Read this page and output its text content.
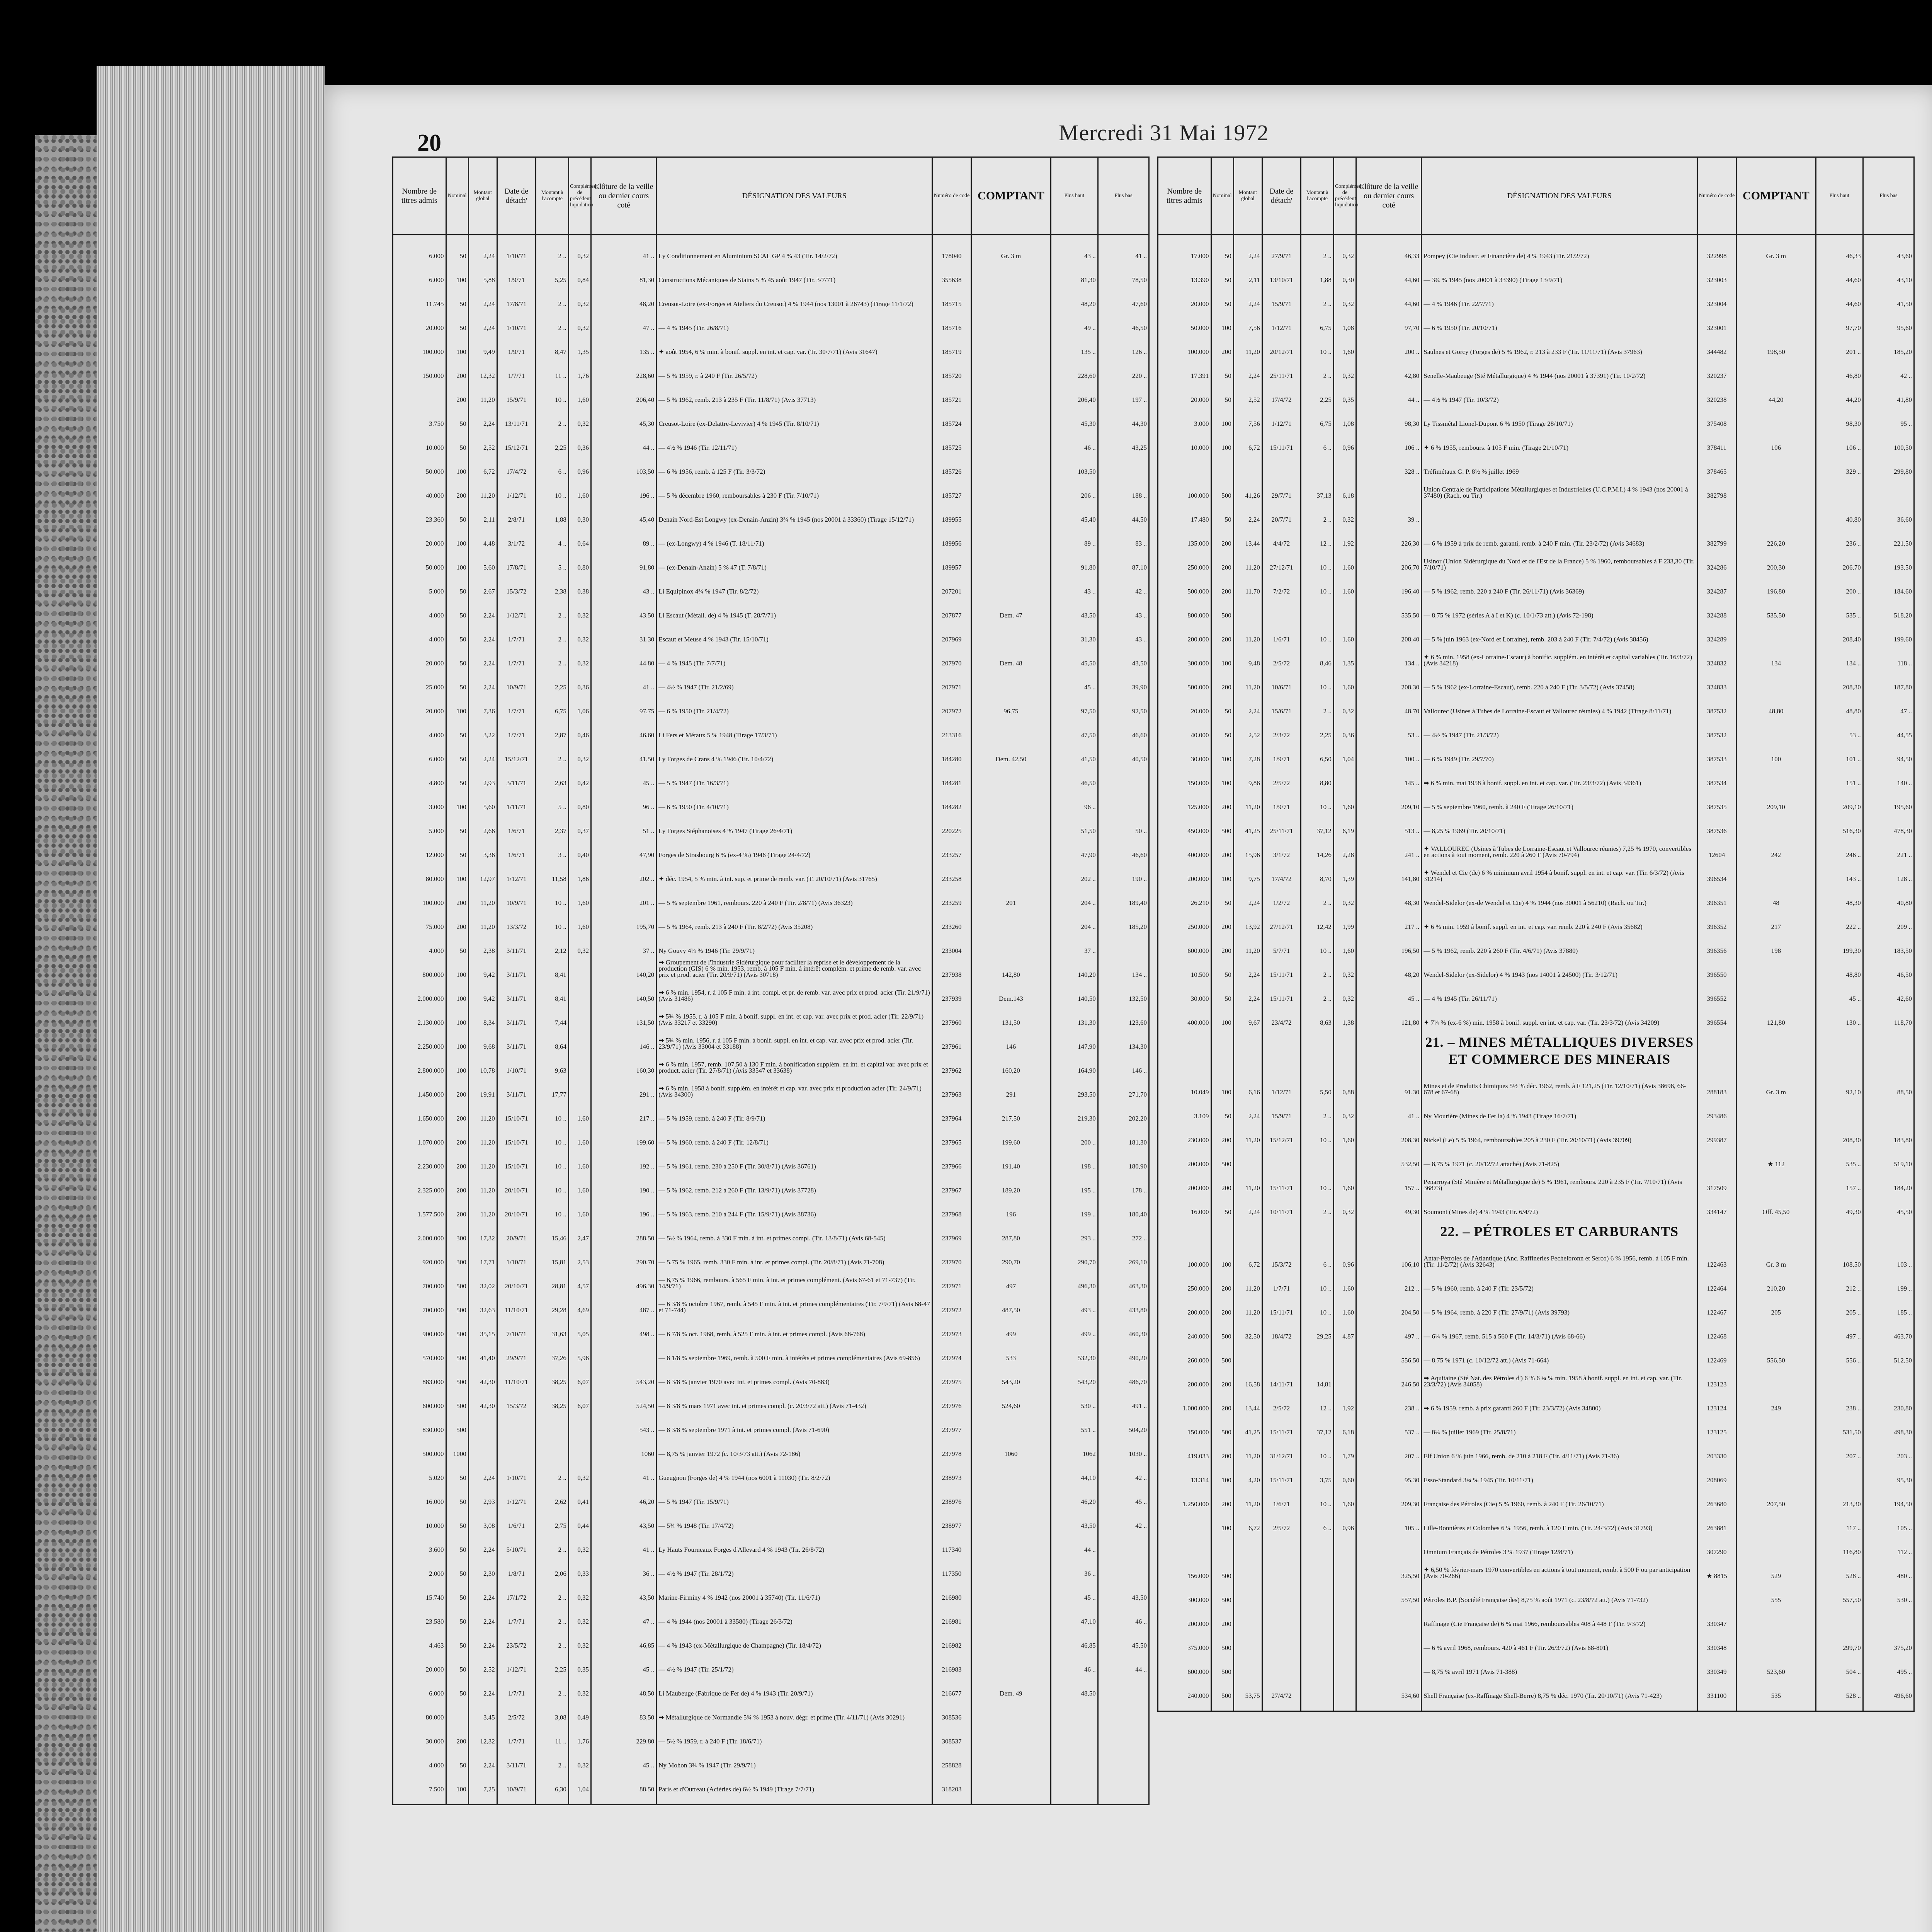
20	Mercredi 31 Mai 1972
Nombre de titres admis	Nominal	Montant global	Date de détach'	Montant à l'acompte	Complément de précédent liquidation	Clôture de la veille ou dernier cours coté	DÉSIGNATION DES VALEURS	Numéro de code	COMPTANT	Plus haut	Plus bas
6.000	50	2,24	1/10/71	2 ..	0,32	41 ..	Ly Conditionnement en Aluminium SCAL GP 4 % 43 (Tir. 14/2/72)	178040	Gr. 3 m	43 ..	41 ..
6.000	100	5,88	1/9/71	5,25	0,84	81,30	Constructions Mécaniques de Stains 5 % 45 août 1947 (Tir. 3/7/71)	355638		81,30	78,50
11.745	50	2,24	17/8/71	2 ..	0,32	48,20	Creusot-Loire (ex-Forges et Ateliers du Creusot) 4 % 1944 (nos 13001 à 26743) (Tirage 11/1/72)	185715		48,20	47,60
20.000	50	2,24	1/10/71	2 ..	0,32	47 ..	— 4 % 1945 (Tir. 26/8/71)	185716		49 ..	46,50
100.000	100	9,49	1/9/71	8,47	1,35	135 ..	✦ août 1954, 6 % min. à bonif. suppl. en int. et cap. var. (Tr. 30/7/71) (Avis 31647)	185719		135 ..	126 ..
150.000	200	12,32	1/7/71	11 ..	1,76	228,60	— 5 % 1959, r. à 240 F (Tir. 26/5/72)	185720		228,60	220 ..
	200	11,20	15/9/71	10 ..	1,60	206,40	— 5 % 1962, remb. 213 à 235 F (Tir. 11/8/71) (Avis 37713)	185721		206,40	197 ..
3.750	50	2,24	13/11/71	2 ..	0,32	45,30	Creusot-Loire (ex-Delattre-Levivier) 4 % 1945 (Tir. 8/10/71)	185724		45,30	44,30
10.000	50	2,52	15/12/71	2,25	0,36	44 ..	— 4½ % 1946 (Tir. 12/11/71)	185725		46 ..	43,25
50.000	100	6,72	17/4/72	6 ..	0,96	103,50	— 6 % 1956, remb. à 125 F (Tir. 3/3/72)	185726		103,50	
40.000	200	11,20	1/12/71	10 ..	1,60	196 ..	— 5 % décembre 1960, remboursables à 230 F (Tir. 7/10/71)	185727		206 ..	188 ..
23.360	50	2,11	2/8/71	1,88	0,30	45,40	Denain Nord-Est Longwy (ex-Denain-Anzin) 3¾ % 1945 (nos 20001 à 33360) (Tirage 15/12/71)	189955		45,40	44,50
20.000	100	4,48	3/1/72	4 ..	0,64	89 ..	— (ex-Longwy) 4 % 1946 (T. 18/11/71)	189956		89 ..	83 ..
50.000	100	5,60	17/8/71	5 ..	0,80	91,80	— (ex-Denain-Anzin) 5 % 47 (T. 7/8/71)	189957		91,80	87,10
5.000	50	2,67	15/3/72	2,38	0,38	43 ..	Li Equipinox 4¾ % 1947 (Tir. 8/2/72)	207201		43 ..	42 ..
4.000	50	2,24	1/12/71	2 ..	0,32	43,50	Li Escaut (Métall. de) 4 % 1945 (T. 28/7/71)	207877	Dem. 47	43,50	43 ..
4.000	50	2,24	1/7/71	2 ..	0,32	31,30	Escaut et Meuse 4 % 1943 (Tir. 15/10/71)	207969		31,30	43 ..
20.000	50	2,24	1/7/71	2 ..	0,32	44,80	— 4 % 1945 (Tir. 7/7/71)	207970	Dem. 48	45,50	43,50
25.000	50	2,24	10/9/71	2,25	0,36	41 ..	— 4½ % 1947 (Tir. 21/2/69)	207971		45 ..	39,90
20.000	100	7,36	1/7/71	6,75	1,06	97,75	— 6 % 1950 (Tir. 21/4/72)	207972	96,75	97,50	92,50
4.000	50	3,22	1/7/71	2,87	0,46	46,60	Li Fers et Métaux 5 % 1948 (Tirage 17/3/71)	213316		47,50	46,60
6.000	50	2,24	15/12/71	2 ..	0,32	41,50	Ly Forges de Crans 4 % 1946 (Tir. 10/4/72)	184280	Dem. 42,50	41,50	40,50
4.800	50	2,93	3/11/71	2,63	0,42	45 ..	— 5 % 1947 (Tir. 16/3/71)	184281		46,50	
3.000	100	5,60	1/11/71	5 ..	0,80	96 ..	— 6 % 1950 (Tir. 4/10/71)	184282		96 ..	
5.000	50	2,66	1/6/71	2,37	0,37	51 ..	Ly Forges Stéphanoises 4 % 1947 (Tirage 26/4/71)	220225		51,50	50 ..
12.000	50	3,36	1/6/71	3 ..	0,40	47,90	Forges de Strasbourg 6 % (ex-4 %) 1946 (Tirage 24/4/72)	233257		47,90	46,60
80.000	100	12,97	1/12/71	11,58	1,86	202 ..	✦ déc. 1954, 5 % min. à int. sup. et prime de remb. var. (T. 20/10/71) (Avis 31765)	233258		202 ..	190 ..
100.000	200	11,20	10/9/71	10 ..	1,60	201 ..	— 5 % septembre 1961, rembours. 220 à 240 F (Tir. 2/8/71) (Avis 36323)	233259	201	204 ..	189,40
75.000	200	11,20	13/3/72	10 ..	1,60	195,70	— 5 % 1964, remb. 213 à 240 F (Tir. 8/2/72) (Avis 35208)	233260		204 ..	185,20
4.000	50	2,38	3/11/71	2,12	0,32	37 ..	Ny Gouvy 4¼ % 1946 (Tir. 29/9/71)	233004		37 ..	
800.000	100	9,42	3/11/71	8,41		140,20	➡ Groupement de l'Industrie Sidérurgique pour faciliter la reprise et le développement de la production (GIS) 6 % min. 1953, remb. à 105 F min. à intérêt complém. et prime de remb. var. avec prix et prod. acier (Tir. 20/9/71) (Avis 30718)	237938	142,80	140,20	134 ..
2.000.000	100	9,42	3/11/71	8,41		140,50	➡ 6 % min. 1954, r. à 105 F min. à int. compl. et pr. de remb. var. avec prix et prod. acier (Tir. 21/9/71) (Avis 31486)	237939	Dem.143	140,50	132,50
2.130.000	100	8,34	3/11/71	7,44		131,50	➡ 5¾ % 1955, r. à 105 F min. à bonif. suppl. en int. et cap. var. avec prix et prod. acier (Tir. 22/9/71) (Avis 33217 et 33290)	237960	131,50	131,30	123,60
2.250.000	100	9,68	3/11/71	8,64		146 ..	➡ 5¾ % min. 1956, r. à 105 F min. à bonif. suppl. en int. et cap. var. avec prix et prod. acier (Tir. 23/9/71) (Avis 33004 et 33188)	237961	146	147,90	134,30
2.800.000	100	10,78	1/10/71	9,63		160,30	➡ 6 % min. 1957, remb. 107,50 à 130 F min. à bonification supplém. en int. et capital var. avec prix et product. acier (Tir. 27/8/71) (Avis 33547 et 33638)	237962	160,20	164,90	146 ..
1.450.000	200	19,91	3/11/71	17,77		291 ..	➡ 6 % min. 1958 à bonif. supplém. en intérêt et cap. var. avec prix et production acier (Tir. 24/9/71) (Avis 34300)	237963	291	293,50	271,70
1.650.000	200	11,20	15/10/71	10 ..	1,60	217 ..	— 5 % 1959, remb. à 240 F (Tir. 8/9/71)	237964	217,50	219,30	202,20
1.070.000	200	11,20	15/10/71	10 ..	1,60	199,60	— 5 % 1960, remb. à 240 F (Tir. 12/8/71)	237965	199,60	200 ..	181,30
2.230.000	200	11,20	15/10/71	10 ..	1,60	192 ..	— 5 % 1961, remb. 230 à 250 F (Tir. 30/8/71) (Avis 36761)	237966	191,40	198 ..	180,90
2.325.000	200	11,20	20/10/71	10 ..	1,60	190 ..	— 5 % 1962, remb. 212 à 260 F (Tir. 13/9/71) (Avis 37728)	237967	189,20	195 ..	178 ..
1.577.500	200	11,20	20/10/71	10 ..	1,60	196 ..	— 5 % 1963, remb. 210 à 244 F (Tir. 15/9/71) (Avis 38736)	237968	196	199 ..	180,40
2.000.000	300	17,32	20/9/71	15,46	2,47	288,50	— 5½ % 1964, remb. à 330 F min. à int. et primes compl. (Tir. 13/8/71) (Avis 68-545)	237969	287,80	293 ..	272 ..
920.000	300	17,71	1/10/71	15,81	2,53	290,70	— 5,75 % 1965, remb. 330 F min. à int. et primes compl. (Tir. 20/8/71) (Avis 71-708)	237970	290,70	290,70	269,10
700.000	500	32,02	20/10/71	28,81	4,57	496,30	— 6,75 % 1966, rembours. à 565 F min. à int. et primes complément. (Avis 67-61 et 71-737) (Tir. 14/9/71)	237971	497	496,30	463,30
700.000	500	32,63	11/10/71	29,28	4,69	487 ..	— 6 3/8 % octobre 1967, remb. à 545 F min. à int. et primes complémentaires (Tir. 7/9/71) (Avis 68-47 et 71-744)	237972	487,50	493 ..	433,80
900.000	500	35,15	7/10/71	31,63	5,05	498 ..	— 6 7/8 % oct. 1968, remb. à 525 F min. à int. et primes compl. (Avis 68-768)	237973	499	499 ..	460,30
570.000	500	41,40	29/9/71	37,26	5,96		— 8 1/8 % septembre 1969, remb. à 500 F min. à intérêts et primes complémentaires (Avis 69-856)	237974	533	532,30	490,20
883.000	500	42,30	11/10/71	38,25	6,07	543,20	— 8 3/8 % janvier 1970 avec int. et primes compl. (Avis 70-883)	237975	543,20	543,20	486,70
600.000	500	42,30	15/3/72	38,25	6,07	524,50	— 8 3/8 % mars 1971 avec int. et primes compl. (c. 20/3/72 att.) (Avis 71-432)	237976	524,60	530 ..	491 ..
830.000	500					543 ..	— 8 3/8 % septembre 1971 à int. et primes compl. (Avis 71-690)	237977		551 ..	504,20
500.000	1000					1060	— 8,75 % janvier 1972 (c. 10/3/73 att.) (Avis 72-186)	237978	1060	1062	1030 ..
5.020	50	2,24	1/10/71	2 ..	0,32	41 ..	Gueugnon (Forges de) 4 % 1944 (nos 6001 à 11030) (Tir. 8/2/72)	238973		44,10	42 ..
16.000	50	2,93	1/12/71	2,62	0,41	46,20	— 5 % 1947 (Tir. 15/9/71)	238976		46,20	45 ..
10.000	50	3,08	1/6/71	2,75	0,44	43,50	— 5¾ % 1948 (Tir. 17/4/72)	238977		43,50	42 ..
3.600	50	2,24	5/10/71	2 ..	0,32	41 ..	Ly Hauts Fourneaux Forges d'Allevard 4 % 1943 (Tir. 26/8/72)	117340		44 ..	
2.000	50	2,30	1/8/71	2,06	0,33	36 ..	— 4½ % 1947 (Tir. 28/1/72)	117350		36 ..	
15.740	50	2,24	17/1/72	2 ..	0,32	43,50	Marine-Firminy 4 % 1942 (nos 20001 à 35740) (Tir. 11/6/71)	216980		45 ..	43,50
23.580	50	2,24	1/7/71	2 ..	0,32	47 ..	— 4 % 1944 (nos 20001 à 33580) (Tirage 26/3/72)	216981		47,10	46 ..
4.463	50	2,24	23/5/72	2 ..	0,32	46,85	— 4 % 1943 (ex-Métallurgique de Champagne) (Tir. 18/4/72)	216982		46,85	45,50
20.000	50	2,52	1/12/71	2,25	0,35	45 ..	— 4½ % 1947 (Tir. 25/1/72)	216983		46 ..	44 ..
6.000	50	2,24	1/7/71	2 ..	0,32	48,50	Li Maubeuge (Fabrique de Fer de) 4 % 1943 (Tir. 20/9/71)	216677	Dem. 49	48,50	
80.000		3,45	2/5/72	3,08	0,49	83,50	➡ Métallurgique de Normandie 5¾ % 1953 à nouv. dégr. et prime (Tir. 4/11/71) (Avis 30291)	308536			
30.000	200	12,32	1/7/71	11 ..	1,76	229,80	— 5½ % 1959, r. à 240 F (Tir. 18/6/71)	308537			
4.000	50	2,24	3/11/71	2 ..	0,32	45 ..	Ny Mohon 3¾ % 1947 (Tir. 29/9/71)	258828			
7.500	100	7,25	10/9/71	6,30	1,04	88,50	Paris et d'Outreau (Aciéries de) 6½ % 1949 (Tirage 7/7/71)	318203			

Nombre de titres admis	Nominal	Montant global	Date de détach'	Montant à l'acompte	Complément de précédent liquidation	Clôture de la veille ou dernier cours coté	DÉSIGNATION DES VALEURS	Numéro de code	COMPTANT	Plus haut	Plus bas
17.000	50	2,24	27/9/71	2 ..	0,32	46,33	Pompey (Cie Industr. et Financière de) 4 % 1943 (Tir. 21/2/72)	322998	Gr. 3 m	46,33	43,60
13.390	50	2,11	13/10/71	1,88	0,30	44,60	— 3¾ % 1945 (nos 20001 à 33390) (Tirage 13/9/71)	323003		44,60	43,10
20.000	50	2,24	15/9/71	2 ..	0,32	44,60	— 4 % 1946 (Tir. 22/7/71)	323004		44,60	41,50
50.000	100	7,56	1/12/71	6,75	1,08	97,70	— 6 % 1950 (Tir. 20/10/71)	323001		97,70	95,60
100.000	200	11,20	20/12/71	10 ..	1,60	200 ..	Saulnes et Gorcy (Forges de) 5 % 1962, r. 213 à 233 F (Tir. 11/11/71) (Avis 37963)	344482	198,50	201 ..	185,20
17.391	50	2,24	25/11/71	2 ..	0,32	42,80	Senelle-Maubeuge (Sté Métallurgique) 4 % 1944 (nos 20001 à 37391) (Tir. 10/2/72)	320237		46,80	42 ..
20.000	50	2,52	17/4/72	2,25	0,35	44 ..	— 4½ % 1947 (Tir. 10/3/72)	320238	44,20	44,20	41,80
3.000	100	7,56	1/12/71	6,75	1,08	98,30	Ly Tissmétal Lionel-Dupont 6 % 1950 (Tirage 28/10/71)	375408		98,30	95 ..
10.000	100	6,72	15/11/71	6 ..	0,96	106 ..	✦ 6 % 1955, rembours. à 105 F min. (Tirage 21/10/71)	378411	106	106 ..	100,50
						328 ..	Tréfimétaux G. P. 8½ % juillet 1969	378465		329 ..	299,80
100.000	500	41,26	29/7/71	37,13	6,18		Union Centrale de Participations Métallurgiques et Industrielles (U.C.P.M.I.) 4 % 1943 (nos 20001 à 37480) (Rach. ou Tir.)	382798			
17.480	50	2,24	20/7/71	2 ..	0,32	39 ..				40,80	36,60
135.000	200	13,44	4/4/72	12 ..	1,92	226,30	— 6 % 1959 à prix de remb. garanti, remb. à 240 F min. (Tir. 23/2/72) (Avis 34683)	382799	226,20	236 ..	221,50
250.000	200	11,20	27/12/71	10 ..	1,60	206,70	Usinor (Union Sidérurgique du Nord et de l'Est de la France) 5 % 1960, remboursables à F 233,30 (Tir. 7/10/71)	324286	200,30	206,70	193,50
500.000	200	11,70	7/2/72	10 ..	1,60	196,40	— 5 % 1962, remb. 220 à 240 F (Tir. 26/11/71) (Avis 36369)	324287	196,80	200 ..	184,60
800.000	500					535,50	— 8,75 % 1972 (séries A à I et K) (c. 10/1/73 att.) (Avis 72-198)	324288	535,50	535 ..	518,20
200.000	200	11,20	1/6/71	10 ..	1,60	208,40	— 5 % juin 1963 (ex-Nord et Lorraine), remb. 203 à 240 F (Tir. 7/4/72) (Avis 38456)	324289		208,40	199,60
300.000	100	9,48	2/5/72	8,46	1,35	134 ..	✦ 6 % min. 1958 (ex-Lorraine-Escaut) à bonific. supplém. en intérêt et capital variables (Tir. 16/3/72) (Avis 34218)	324832	134	134 ..	118 ..
500.000	200	11,20	10/6/71	10 ..	1,60	208,30	— 5 % 1962 (ex-Lorraine-Escaut), remb. 220 à 240 F (Tir. 3/5/72) (Avis 37458)	324833		208,30	187,80
20.000	50	2,24	15/6/71	2 ..	0,32	48,70	Vallourec (Usines à Tubes de Lorraine-Escaut et Vallourec réunies) 4 % 1942 (Tirage 8/11/71)	387532	48,80	48,80	47 ..
40.000	50	2,52	2/3/72	2,25	0,36	53 ..	— 4½ % 1947 (Tir. 21/3/72)	387532		53 ..	44,55
30.000	100	7,28	1/9/71	6,50	1,04	100 ..	— 6 % 1949 (Tir. 29/7/70)	387533	100	101 ..	94,50
150.000	100	9,86	2/5/72	8,80		145 ..	➡ 6 % min. mai 1958 à bonif. suppl. en int. et cap. var. (Tir. 23/3/72) (Avis 34361)	387534		151 ..	140 ..
125.000	200	11,20	1/9/71	10 ..	1,60	209,10	— 5 % septembre 1960, remb. à 240 F (Tirage 26/10/71)	387535	209,10	209,10	195,60
450.000	500	41,25	25/11/71	37,12	6,19	513 ..	— 8,25 % 1969 (Tir. 20/10/71)	387536		516,30	478,30
400.000	200	15,96	3/1/72	14,26	2,28	241 ..	✦ VALLOUREC (Usines à Tubes de Lorraine-Escaut et Vallourec réunies) 7,25 % 1970, convertibles en actions à tout moment, remb. 220 à 260 F (Avis 70-794)	12604	242	246 ..	221 ..
200.000	100	9,75	17/4/72	8,70	1,39	141,80	✦ Wendel et Cie (de) 6 % minimum avril 1954 à bonif. suppl. en int. et cap. var. (Tir. 6/3/72) (Avis 31214)	396534		143 ..	128 ..
26.210	50	2,24	1/2/72	2 ..	0,32	48,30	Wendel-Sidelor (ex-de Wendel et Cie) 4 % 1944 (nos 30001 à 56210) (Rach. ou Tir.)	396351	48	48,30	40,80
250.000	200	13,92	27/12/71	12,42	1,99	217 ..	✦ 6 % min. 1959 à bonif. suppl. en int. et cap. var. remb. 220 à 240 F (Avis 35682)	396352	217	222 ..	209 ..
600.000	200	11,20	5/7/71	10 ..	1,60	196,50	— 5 % 1962, remb. 220 à 260 F (Tir. 4/6/71) (Avis 37880)	396356	198	199,30	183,50
10.500	50	2,24	15/11/71	2 ..	0,32	48,20	Wendel-Sidelor (ex-Sidelor) 4 % 1943 (nos 14001 à 24500) (Tir. 3/12/71)	396550		48,80	46,50
30.000	50	2,24	15/11/71	2 ..	0,32	45 ..	— 4 % 1945 (Tir. 26/11/71)	396552		45 ..	42,60
400.000	100	9,67	23/4/72	8,63	1,38	121,80	✦ 7¼ % (ex-6 %) min. 1958 à bonif. suppl. en int. et cap. var. (Tir. 23/3/72) (Avis 34209)	396554	121,80	130 ..	118,70

							21. – MINES MÉTALLIQUES DIVERSES ET COMMERCE DES MINERAIS				

10.049	100	6,16	1/12/71	5,50	0,88	91,30	Mines et de Produits Chimiques 5½ % déc. 1962, remb. à F 121,25 (Tir. 12/10/71) (Avis 38698, 66-678 et 67-68)	288183	Gr. 3 m	92,10	88,50
3.109	50	2,24	15/9/71	2 ..	0,32	41 ..	Ny Mourière (Mines de Fer la) 4 % 1943 (Tirage 16/7/71)	293486			
230.000	200	11,20	15/12/71	10 ..	1,60	208,30	Nickel (Le) 5 % 1964, remboursables 205 à 230 F (Tir. 20/10/71) (Avis 39709)	299387		208,30	183,80
200.000	500					532,50	— 8,75 % 1971 (c. 20/12/72 attaché) (Avis 71-825)		★ 112	535 ..	519,10
200.000	200	11,20	15/11/71	10 ..	1,60	157 ..	Penarroya (Sté Minière et Métallurgique de) 5 % 1961, rembours. 220 à 235 F (Tir. 7/10/71) (Avis 36873)	317509		157 ..	184,20
16.000	50	2,24	10/11/71	2 ..	0,32	49,30	Soumont (Mines de) 4 % 1943 (Tir. 6/4/72)	334147	Off. 45,50	49,30	45,50

							22. – PÉTROLES ET CARBURANTS				

100.000	100	6,72	15/3/72	6 ..	0,96	106,10	Antar-Pétroles de l'Atlantique (Anc. Raffineries Pechelbronn et Serco) 6 % 1956, remb. à 105 F min. (Tir. 11/2/72) (Avis 32643)	122463	Gr. 3 m	108,50	103 ..
250.000	200	11,20	1/7/71	10 ..	1,60	212 ..	— 5 % 1960, remb. à 240 F (Tir. 23/5/72)	122464	210,20	212 ..	199 ..
200.000	200	11,20	15/11/71	10 ..	1,60	204,50	— 5 % 1964, remb. à 220 F (Tir. 27/9/71) (Avis 39793)	122467	205	205 ..	185 ..
240.000	500	32,50	18/4/72	29,25	4,87	497 ..	— 6¼ % 1967, remb. 515 à 560 F (Tir. 14/3/71) (Avis 68-66)	122468		497 ..	463,70
260.000	500					556,50	— 8,75 % 1971 (c. 10/12/72 att.) (Avis 71-664)	122469	556,50	556 ..	512,50
200.000	200	16,58	14/11/71	14,81		246,50	➡ Aquitaine (Sté Nat. des Pétroles d') 6 % 6 ¾ % min. 1958 à bonif. suppl. en int. et cap. var. (Tir. 23/3/72) (Avis 34058)	123123			
1.000.000	200	13,44	2/5/72	12 ..	1,92	238 ..	➡ 6 % 1959, remb. à prix garanti 260 F (Tir. 23/3/72) (Avis 34800)	123124	249	238 ..	230,80
150.000	500	41,25	15/11/71	37,12	6,18	537 ..	— 8¼ % juillet 1969 (Tir. 25/8/71)	123125		531,50	498,30
419.033	200	11,20	31/12/71	10 ..	1,79	207 ..	Elf Union 6 % juin 1966, remb. de 210 à 218 F (Tir. 4/11/71) (Avis 71-36)	203330		207 ..	203 ..
13.314	100	4,20	15/11/71	3,75	0,60	95,30	Esso-Standard 3¾ % 1945 (Tir. 10/11/71)	208069			95,30
1.250.000	200	11,20	1/6/71	10 ..	1,60	209,30	Française des Pétroles (Cie) 5 % 1960, remb. à 240 F (Tir. 26/10/71)	263680	207,50	213,30	194,50
	100	6,72	2/5/72	6 ..	0,96	105 ..	Lille-Bonnières et Colombes 6 % 1956, remb. à 120 F min. (Tir. 24/3/72) (Avis 31793)	263881		117 ..	105 ..
							Omnium Français de Pétroles 3 % 1937 (Tirage 12/8/71)	307290		116,80	112 ..
156.000	500					325,50	✦ 6,50 % février-mars 1970 convertibles en actions à tout moment, remb. à 500 F ou par anticipation (Avis 70-266)	★ 8815	529	528 ..	480 ..
300.000	500					557,50	Pétroles B.P. (Société Française des) 8,75 % août 1971 (c. 23/8/72 att.) (Avis 71-732)		555	557,50	530 ..
200.000	200						Raffinage (Cie Française de) 6 % mai 1966, remboursables 408 à 448 F (Tir. 9/3/72)	330347			
375.000	500						— 6 % avril 1968, rembours. 420 à 461 F (Tir. 26/3/72) (Avis 68-801)	330348		299,70	375,20
600.000	500						— 8,75 % avril 1971 (Avis 71-388)	330349	523,60	504 ..	495 ..
240.000	500	53,75	27/4/72			534,60	Shell Française (ex-Raffinage Shell-Berre) 8,75 % déc. 1970 (Tir. 20/10/71) (Avis 71-423)	331100	535	528 ..	496,60
